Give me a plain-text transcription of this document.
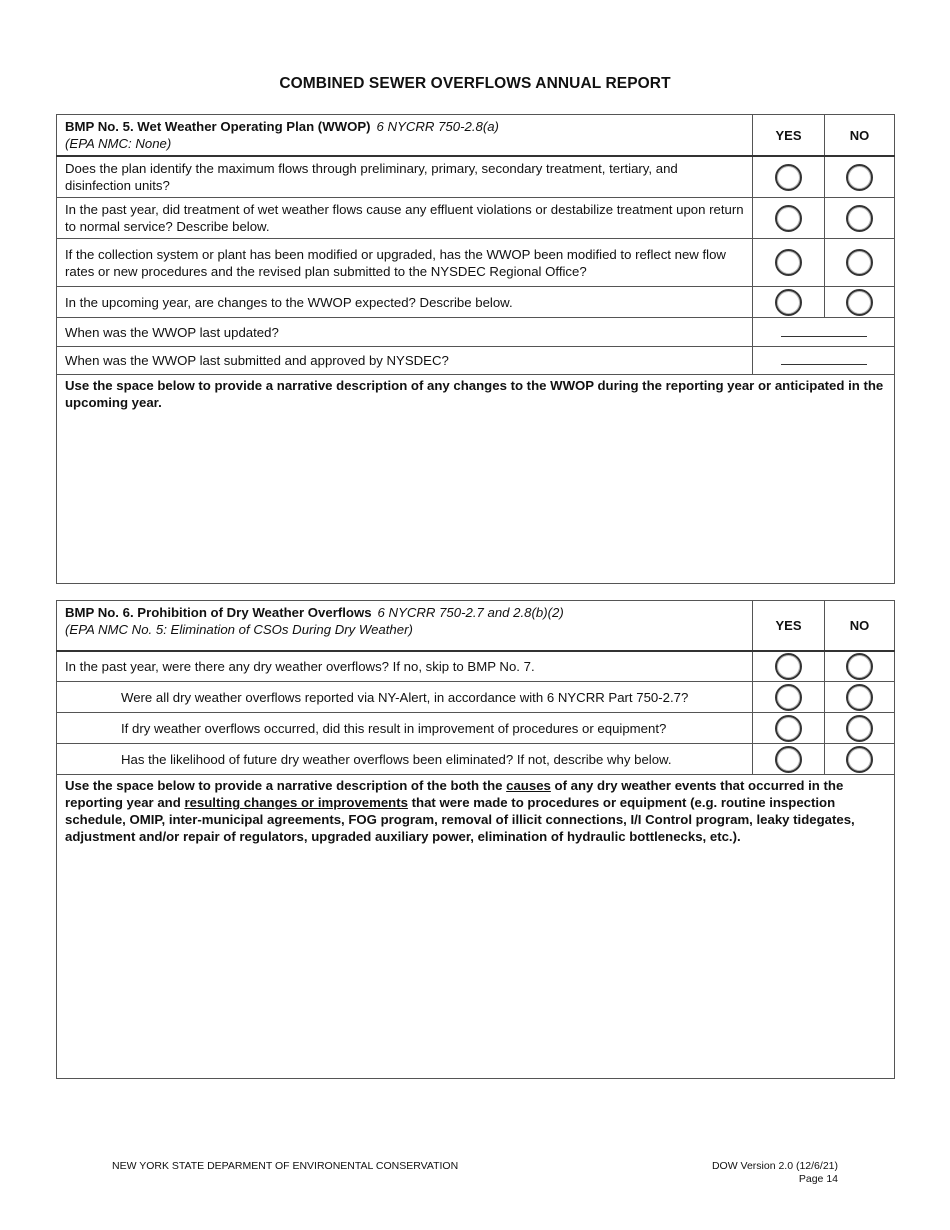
COMBINED SEWER OVERFLOWS ANNUAL REPORT
BMP No. 5. Wet Weather Operating Plan (WWOP) 6 NYCRR 750-2.8(a)
(EPA NMC: None)	YES	NO
Does the plan identify the maximum flows through preliminary, primary, secondary treatment, tertiary, and disinfection units?		
In the past year, did treatment of wet weather flows cause any effluent violations or destabilize treatment upon return to normal service? Describe below.		
If the collection system or plant has been modified or upgraded, has the WWOP been modified to reflect new flow rates or new procedures and the revised plan submitted to the NYSDEC Regional Office?		
In the upcoming year, are changes to the WWOP expected? Describe below.		
When was the WWOP last updated?		
When was the WWOP last submitted and approved by NYSDEC?		
Use the space below to provide a narrative description of any changes to the WWOP during the reporting year or anticipated in the upcoming year.		
BMP No. 6. Prohibition of Dry Weather Overflows 6 NYCRR 750-2.7 and 2.8(b)(2)
(EPA NMC No. 5: Elimination of CSOs During Dry Weather)	YES	NO
In the past year, were there any dry weather overflows? If no, skip to BMP No. 7.		
Were all dry weather overflows reported via NY-Alert, in accordance with 6 NYCRR Part 750-2.7?		
If dry weather overflows occurred, did this result in improvement of procedures or equipment?		
Has the likelihood of future dry weather overflows been eliminated? If not, describe why below.		
Use the space below to provide a narrative description of the both the causes of any dry weather events that occurred in the reporting year and resulting changes or improvements that were made to procedures or equipment (e.g. routine inspection schedule, OMIP, inter-municipal agreements, FOG program, removal of illicit connections, I/I Control program, leaky tidegates, adjustment and/or repair of regulators, upgraded auxiliary power, elimination of hydraulic bottlenecks, etc.).		
NEW YORK STATE DEPARMENT OF ENVIRONENTAL CONSERVATION	DOW Version 2.0 (12/6/21)
Page 14
